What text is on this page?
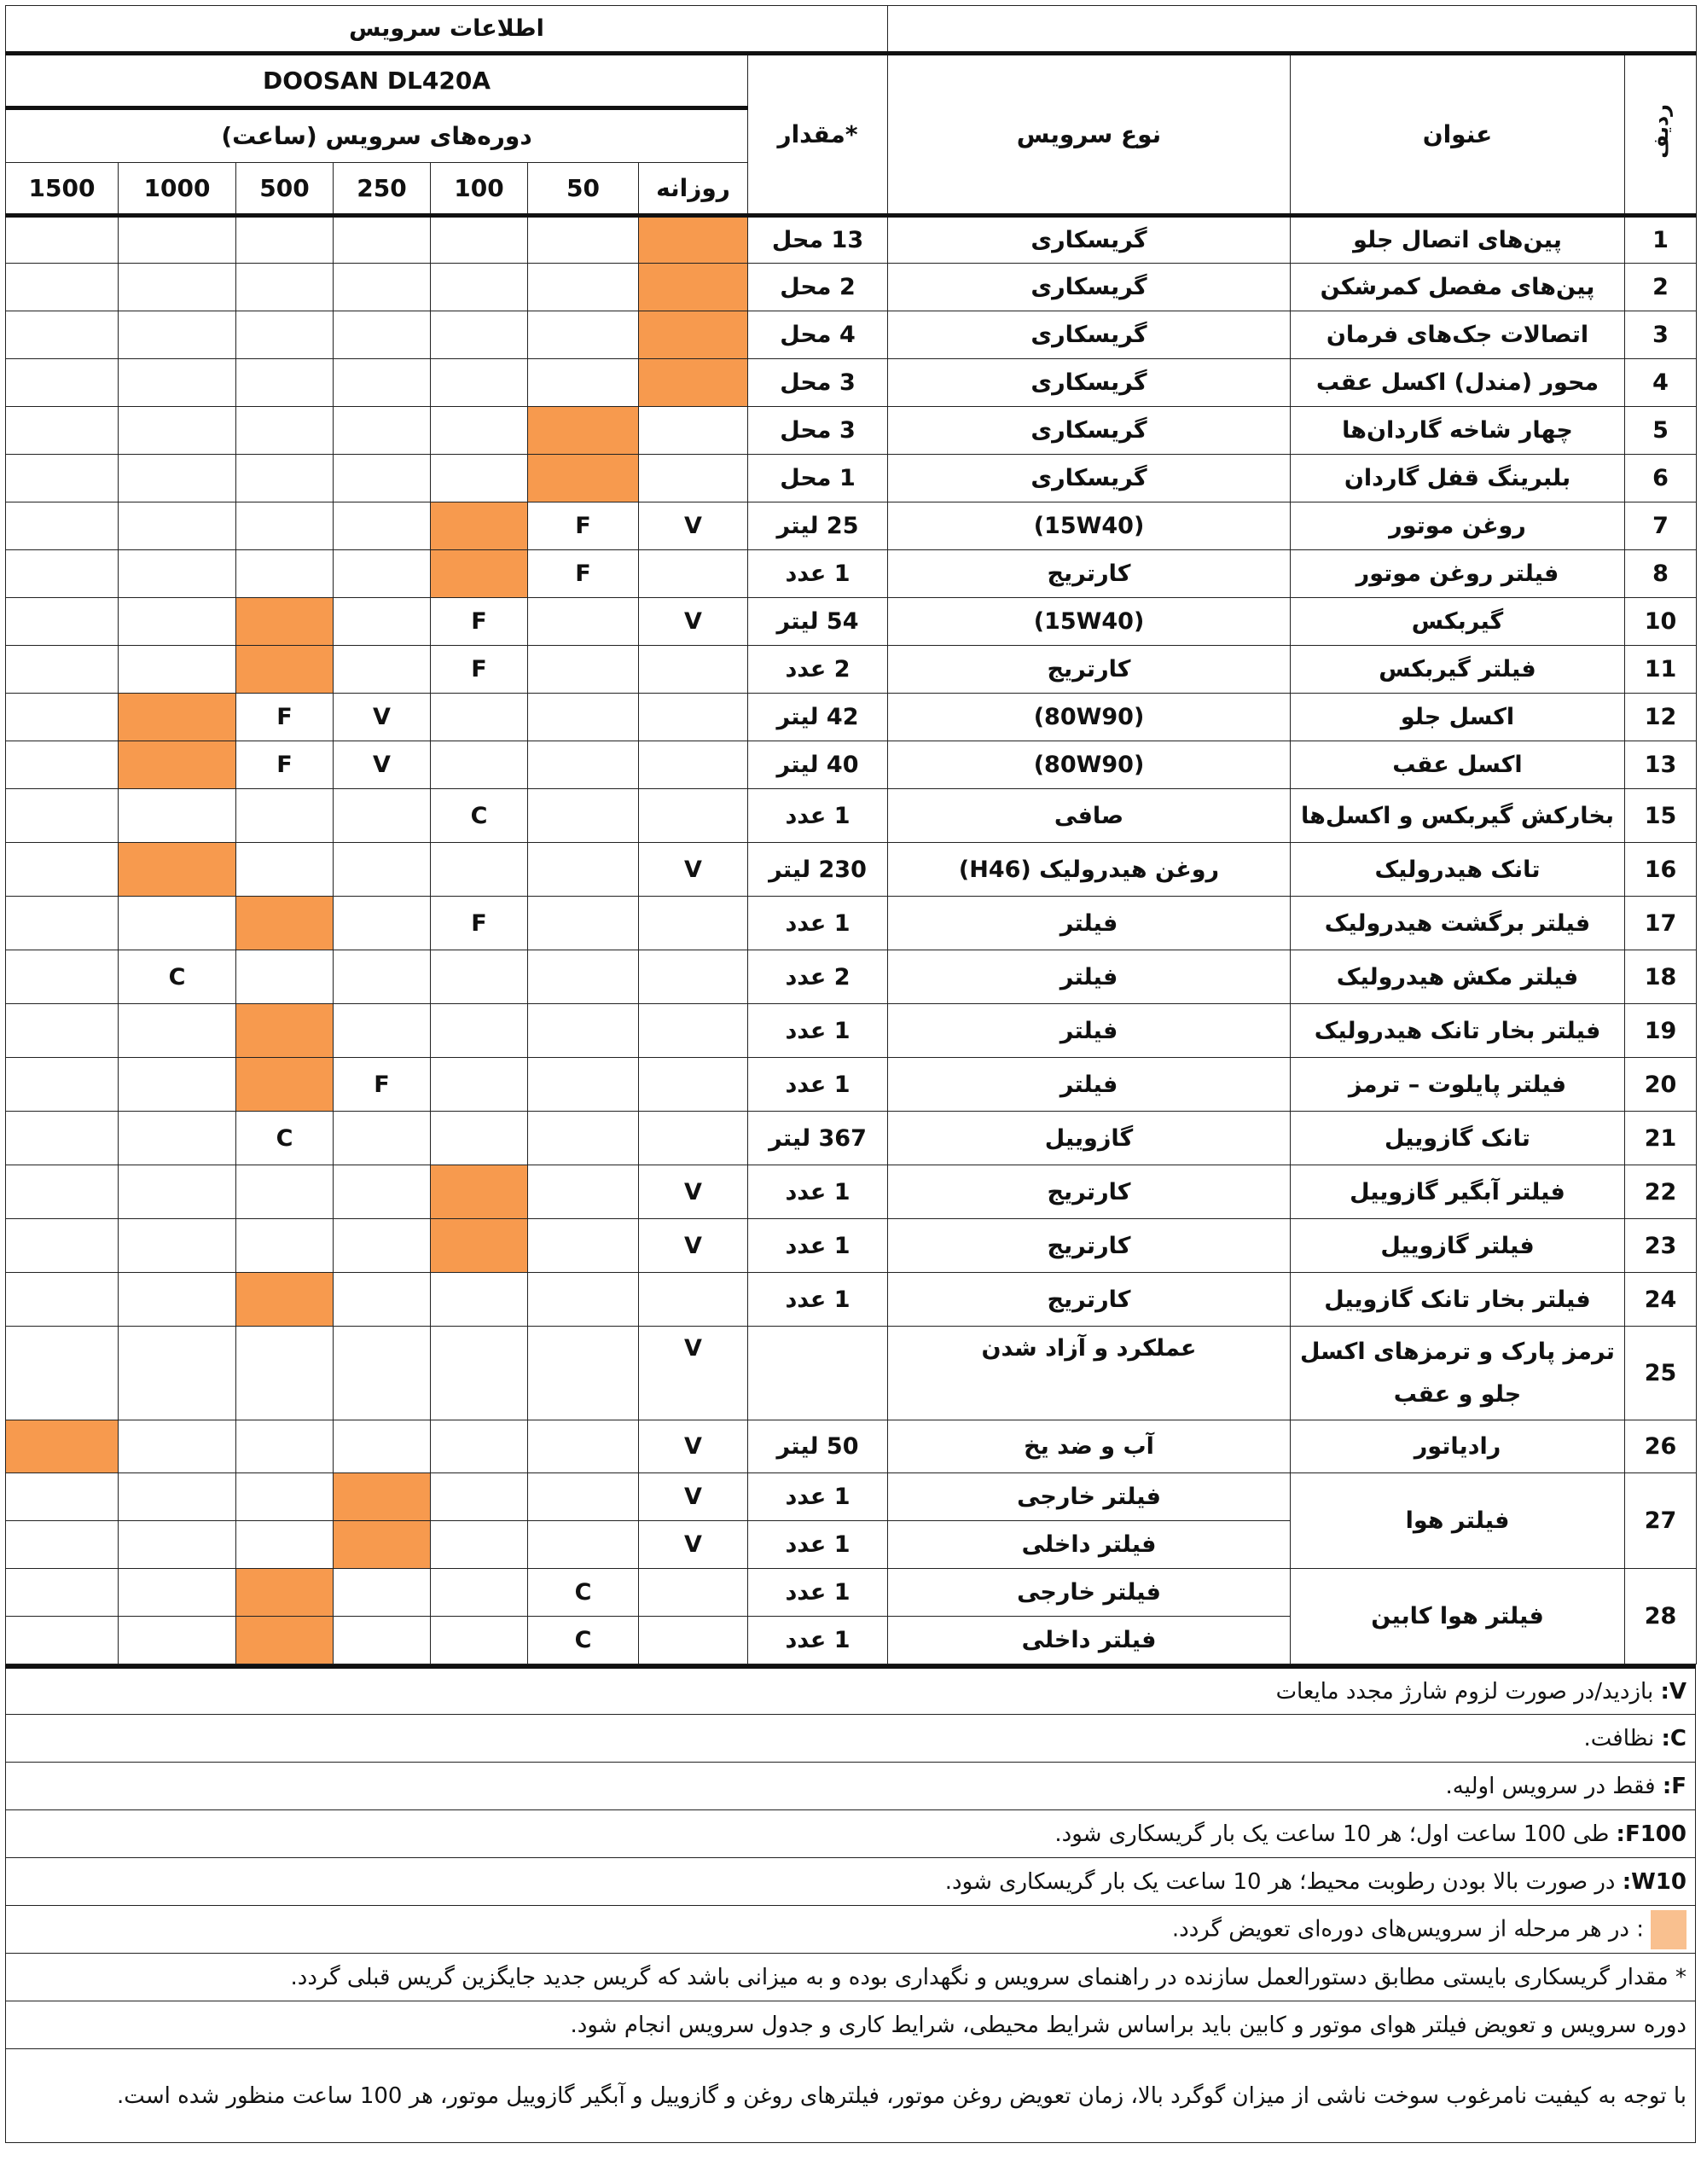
اطلاعات سرویس										
DOOSAN DL420A							مقدار*	نوع سرویس	عنوان	ردیف
دوره‌های سرویس (ساعت)										
1500	1000	500	250	100	50	روزانه				
							13 محل	گریسکاری	پین‌های اتصال جلو	1
							2 محل	گریسکاری	پین‌های مفصل کمرشکن	2
							4 محل	گریسکاری	اتصالات جک‌های فرمان	3
							3 محل	گریسکاری	محور (مندل) اکسل عقب	4
							3 محل	گریسکاری	چهار شاخه گاردان‌ها	5
							1 محل	گریسکاری	بلبرینگ قفل گاردان	6
					F	V	25 لیتر	(15W40)	روغن موتور	7
					F		1 عدد	کارتریج	فیلتر روغن موتور	8
				F		V	54 لیتر	(15W40)	گیربکس	10
				F			2 عدد	کارتریج	فیلتر گیربکس	11
		F	V				42 لیتر	(80W90)	اکسل جلو	12
		F	V				40 لیتر	(80W90)	اکسل عقب	13
				C			1 عدد	صافی	بخارکش گیربکس و اکسل‌ها	15
						V	230 لیتر	روغن هیدرولیک (H46)	تانک هیدرولیک	16
				F			1 عدد	فیلتر	فیلتر برگشت هیدرولیک	17
	C						2 عدد	فیلتر	فیلتر مکش هیدرولیک	18
							1 عدد	فیلتر	فیلتر بخار تانک هیدرولیک	19
			F				1 عدد	فیلتر	فیلتر پایلوت – ترمز	20
		C					367 لیتر	گازوییل	تانک گازوییل	21
						V	1 عدد	کارتریج	فیلتر آبگیر گازوییل	22
						V	1 عدد	کارتریج	فیلتر گازوییل	23
							1 عدد	کارتریج	فیلتر بخار تانک گازوییل	24
						V		عملکرد و آزاد شدن	ترمز پارک و ترمزهای اکسل
جلو و عقب	25
						V	50 لیتر	آب و ضد یخ	رادیاتور	26
						V	1 عدد	فیلتر خارجی	فیلتر هوا	27
						V	1 عدد	فیلتر داخلی		
					C		1 عدد	فیلتر خارجی	فیلتر هوا کابین	28
					C		1 عدد	فیلتر داخلی		
V: بازدید/در صورت لزوم شارژ مجدد مایعات
C: نظافت.
F: فقط در سرویس اولیه.
F100: طی 100 ساعت اول؛ هر 10 ساعت یک بار گریسکاری شود.
W10: در صورت بالا بودن رطوبت محیط؛ هر 10 ساعت یک بار گریسکاری شود.
: در هر مرحله از سرویس‌های دوره‌ای تعویض گردد.
* مقدار گریسکاری بایستی مطابق دستورالعمل سازنده در راهنمای سرویس و نگهداری بوده و به میزانی باشد که گریس جدید جایگزین گریس قبلی گردد.
دوره سرویس و تعویض فیلتر هوای موتور و کابین باید براساس شرایط محیطی، شرایط کاری و جدول سرویس انجام شود.
با توجه به کیفیت نامرغوب سوخت ناشی از میزان گوگرد بالا، زمان تعویض روغن موتور، فیلترهای روغن و گازوییل و آبگیر گازوییل موتور، هر 100 ساعت منظور شده است.
